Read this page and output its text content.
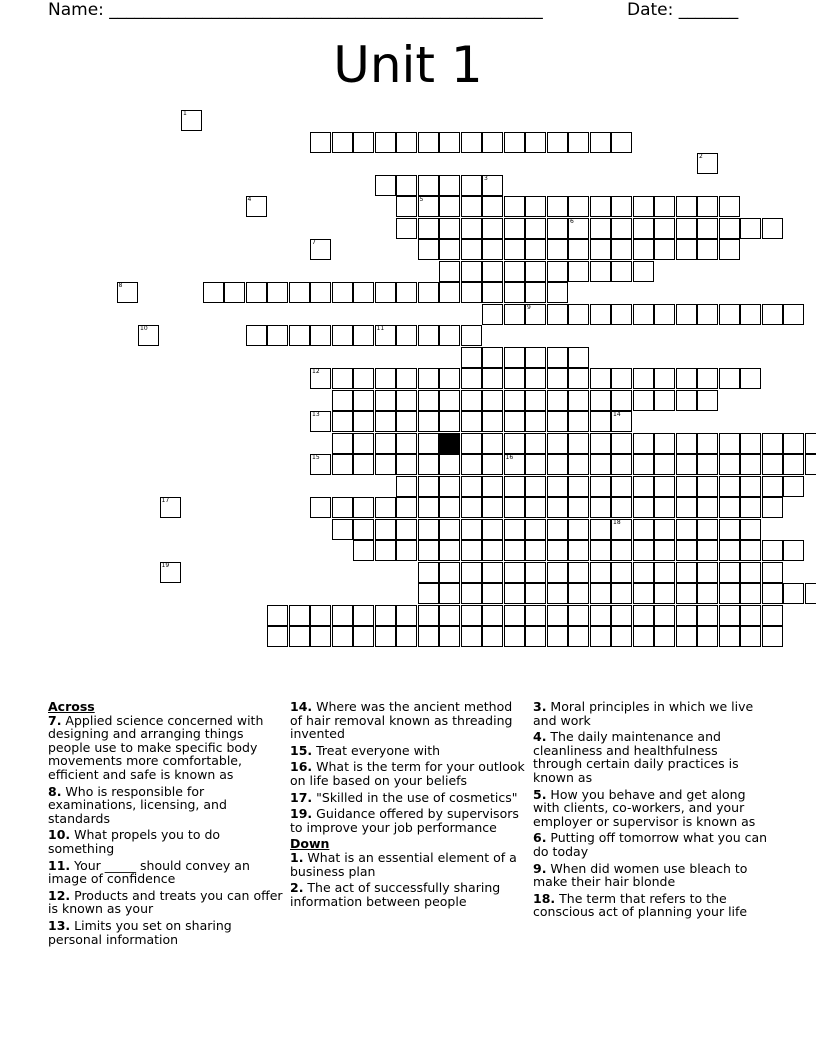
Name: ___________________________________________________	Date: _______
Unit 1
3
5
6
9
11
14
16
18
1
2
4
7
8
10
12
13
15
17
19

Across

7. Applied science concerned with designing and arranging things people use to make specific body movements more comfortable, efficient and safe is known as

8. Who is responsible for examinations, licensing, and standards

10. What propels you to do something

11. Your _____ should convey an image of confidence

12. Products and treats you can offer is known as your

13. Limits you set on sharing personal information

14. Where was the ancient method of hair removal known as threading invented

15. Treat everyone with

16. What is the term for your outlook on life based on your beliefs

17. "Skilled in the use of cosmetics"

19. Guidance offered by supervisors to improve your job performance

Down

1. What is an essential element of a business plan

2. The act of successfully sharing information between people

3. Moral principles in which we live and work

4. The daily maintenance and cleanliness and healthfulness through certain daily practices is known as

5. How you behave and get along with clients, co-workers, and your employer or supervisor is known as

6. Putting off tomorrow what you can do today

9. When did women use bleach to make their hair blonde

18. The term that refers to the conscious act of planning your life
